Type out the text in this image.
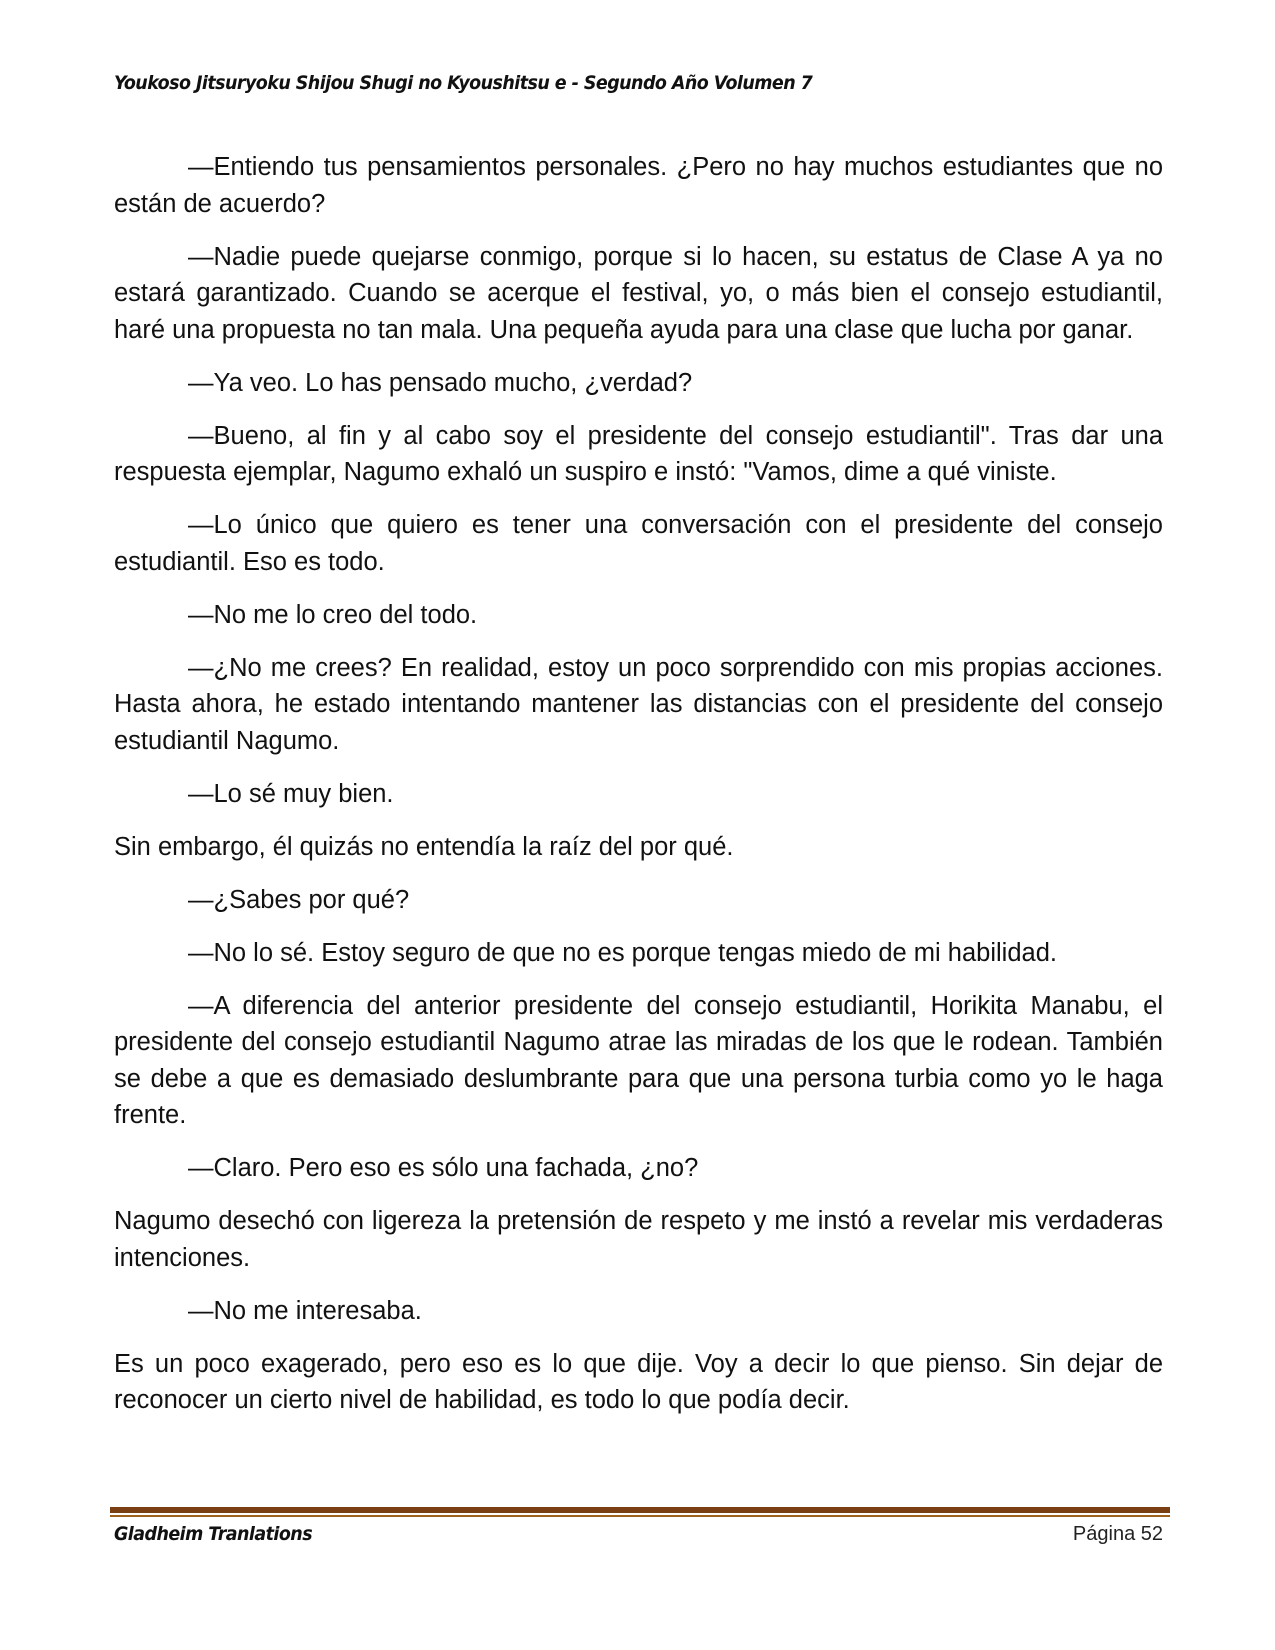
Youkoso Jitsuryoku Shijou Shugi no Kyoushitsu e - Segundo Año Volumen 7

—Entiendo tus pensamientos personales. ¿Pero no hay muchos estudiantes que no están de acuerdo?

—Nadie puede quejarse conmigo, porque si lo hacen, su estatus de Clase A ya no estará garantizado. Cuando se acerque el festival, yo, o más bien el consejo estudiantil, haré una propuesta no tan mala. Una pequeña ayuda para una clase que lucha por ganar.

—Ya veo. Lo has pensado mucho, ¿verdad?

—Bueno, al fin y al cabo soy el presidente del consejo estudiantil". Tras dar una respuesta ejemplar, Nagumo exhaló un suspiro e instó: "Vamos, dime a qué viniste.

—Lo único que quiero es tener una conversación con el presidente del consejo estudiantil. Eso es todo.

—No me lo creo del todo.

—¿No me crees? En realidad, estoy un poco sorprendido con mis propias acciones. Hasta ahora, he estado intentando mantener las distancias con el presidente del consejo estudiantil Nagumo.

—Lo sé muy bien.

Sin embargo, él quizás no entendía la raíz del por qué.

—¿Sabes por qué?

—No lo sé. Estoy seguro de que no es porque tengas miedo de mi habilidad.

—A diferencia del anterior presidente del consejo estudiantil, Horikita Manabu, el presidente del consejo estudiantil Nagumo atrae las miradas de los que le rodean. También se debe a que es demasiado deslumbrante para que una persona turbia como yo le haga frente.

—Claro. Pero eso es sólo una fachada, ¿no?

Nagumo desechó con ligereza la pretensión de respeto y me instó a revelar mis verdaderas intenciones.

—No me interesaba.

Es un poco exagerado, pero eso es lo que dije. Voy a decir lo que pienso. Sin dejar de reconocer un cierto nivel de habilidad, es todo lo que podía decir.

Gladheim Tranlations	Página 52
